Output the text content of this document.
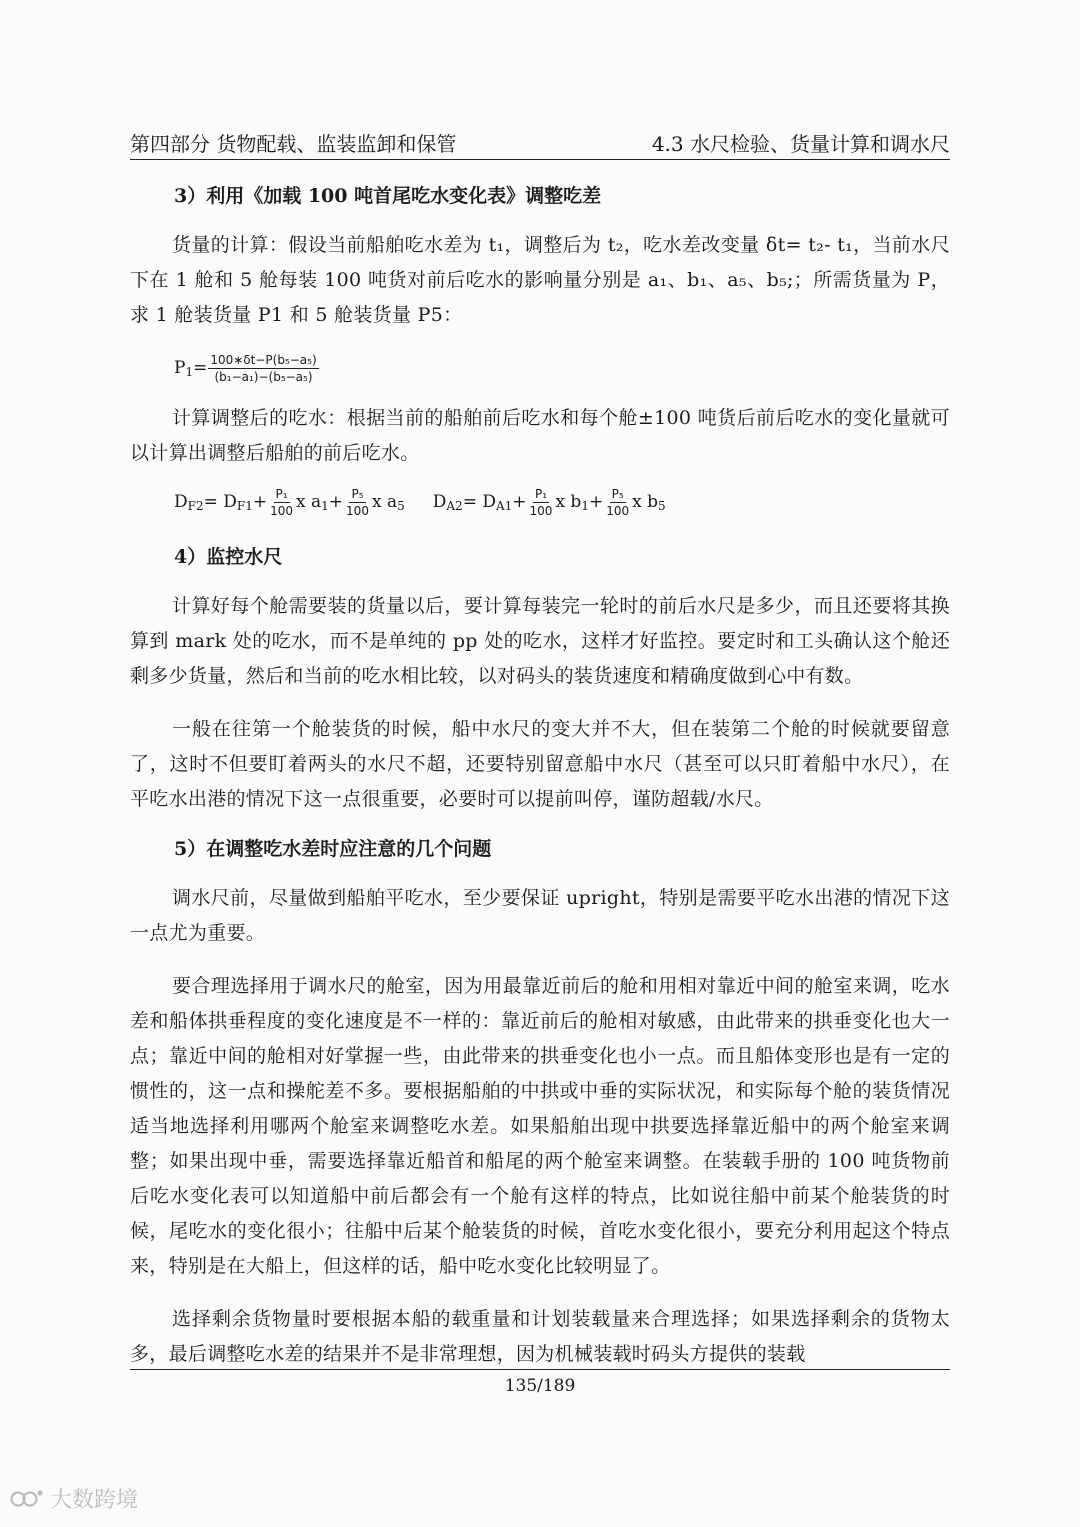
第四部分 货物配载、监装监卸和保管	4.3 水尺检验、货量计算和调水尺
3）利用《加载 100 吨首尾吃水变化表》调整吃差

货量的计算：假设当前船舶吃水差为 t₁，调整后为 t₂，吃水差改变量 δt= t₂- t₁，当前水尺下在 1 舱和 5 舱每装 100 吨货对前后吃水的影响量分别是 a₁、b₁、a₅、b₅;；所需货量为 P，求 1 舱装货量 P1 和 5 舱装货量 P5：

$P_1= \frac{\text{100∗δt−P(b₅−a₅)}}{\text{(b₁−a₁)−(b₅−a₅)}}$

计算调整后的吃水：根据当前的船舶前后吃水和每个舱±100 吨货后前后吃水的变化量就可以计算出调整后船舶的前后吃水。

$D_{F2}= D_{F1}+ \frac{\text{P₁}}{100}$ x $a_1+ \frac{\text{P₅}}{100}$ x $a_5$ $D_{A2}= D_{A1}+ \frac{\text{P₁}}{100}$ x $b_1+ \frac{\text{P₅}}{100}$ x $b_5$
4）监控水尺

计算好每个舱需要装的货量以后，要计算每装完一轮时的前后水尺是多少，而且还要将其换算到 mark 处的吃水，而不是单纯的 pp 处的吃水，这样才好监控。要定时和工头确认这个舱还剩多少货量，然后和当前的吃水相比较，以对码头的装货速度和精确度做到心中有数。

一般在往第一个舱装货的时候，船中水尺的变大并不大，但在装第二个舱的时候就要留意了，这时不但要盯着两头的水尺不超，还要特别留意船中水尺（甚至可以只盯着船中水尺），在平吃水出港的情况下这一点很重要，必要时可以提前叫停，谨防超载/水尺。

5）在调整吃水差时应注意的几个问题

调水尺前，尽量做到船舶平吃水，至少要保证 upright，特别是需要平吃水出港的情况下这一点尤为重要。

要合理选择用于调水尺的舱室，因为用最靠近前后的舱和用相对靠近中间的舱室来调，吃水差和船体拱垂程度的变化速度是不一样的：靠近前后的舱相对敏感，由此带来的拱垂变化也大一点；靠近中间的舱相对好掌握一些，由此带来的拱垂变化也小一点。而且船体变形也是有一定的惯性的，这一点和操舵差不多。要根据船舶的中拱或中垂的实际状况，和实际每个舱的装货情况适当地选择利用哪两个舱室来调整吃水差。如果船舶出现中拱要选择靠近船中的两个舱室来调整；如果出现中垂，需要选择靠近船首和船尾的两个舱室来调整。在装载手册的 100 吨货物前后吃水变化表可以知道船中前后都会有一个舱有这样的特点，比如说往船中前某个舱装货的时候，尾吃水的变化很小；往船中后某个舱装货的时候，首吃水变化很小，要充分利用起这个特点来，特别是在大船上，但这样的话，船中吃水变化比较明显了。

选择剩余货物量时要根据本船的载重量和计划装载量来合理选择；如果选择剩余的货物太多，最后调整吃水差的结果并不是非常理想，因为机械装载时码头方提供的装载

135/189
大数跨境
